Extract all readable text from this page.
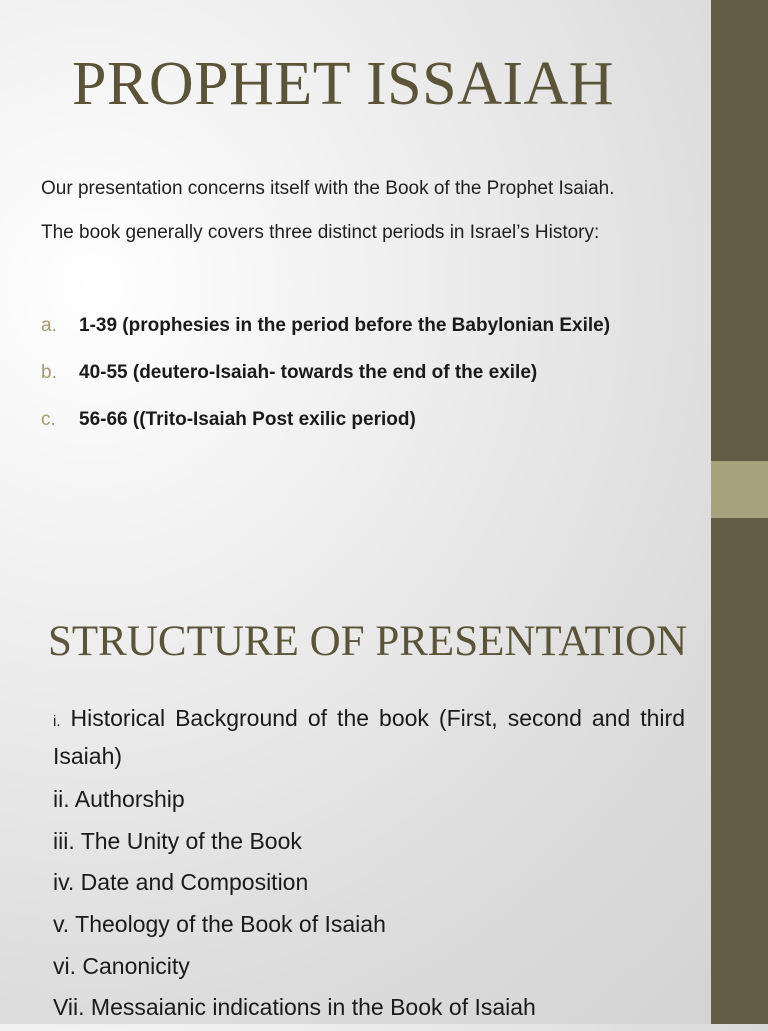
PROPHET ISSAIAH

Our presentation concerns itself with the Book of the Prophet Isaiah.

The book generally covers three distinct periods in Israel’s History:

a.	1-39 (prophesies in the period before the Babylonian Exile)
b.	40-55 (deutero-Isaiah- towards the end of the exile)
c.	56-66 ((Trito-Isaiah Post exilic period)
STRUCTURE OF PRESENTATION
i. Historical Background of the book (First, second and third Isaiah)
ii. Authorship
iii. The Unity of the Book
iv. Date and Composition
v. Theology of the Book of Isaiah
vi. Canonicity
Vii. Messaianic indications in the Book of Isaiah
